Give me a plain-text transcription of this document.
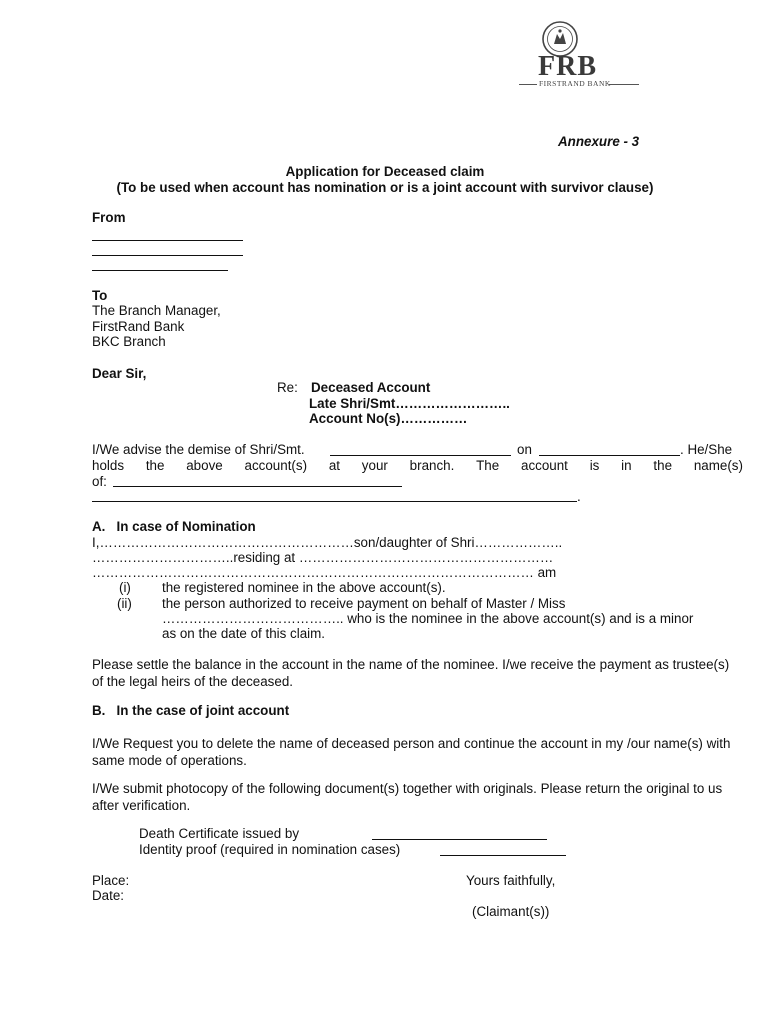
FRB
FIRSTRAND BANK
Annexure - 3
Application for Deceased claim
(To be used when account has nomination or is a joint account with survivor clause)
From
To
The Branch Manager,
FirstRand Bank
BKC Branch
Dear Sir,
Re: Deceased Account
Late Shri/Smt……………………..
Account No(s)……………
I/We advise the demise of Shri/Smt.	on	. He/She
holds the above account(s) at your branch. The account is in the name(s)
of:
.
A.   In case of Nomination
I,…………………………………………………son/daughter of Shri………………..
…………………………..residing at …………………………………………………
……………………………………………………………………………………… am
(i) the registered nominee in the above account(s).
(ii) the person authorized to receive payment on behalf of Master / Miss
………………………………….. who is the nominee in the above account(s) and is a minor
as on the date of this claim.
Please settle the balance in the account in the name of the nominee. I/we receive the payment as trustee(s) of the legal heirs of the deceased.
B.   In the case of joint account
I/We Request you to delete the name of deceased person and continue the account in my /our name(s) with same mode of operations.
I/We submit photocopy of the following document(s) together with originals. Please return the original to us after verification.
Death Certificate issued by
Identity proof (required in nomination cases)
Place:
Date:
Yours faithfully,
(Claimant(s))
